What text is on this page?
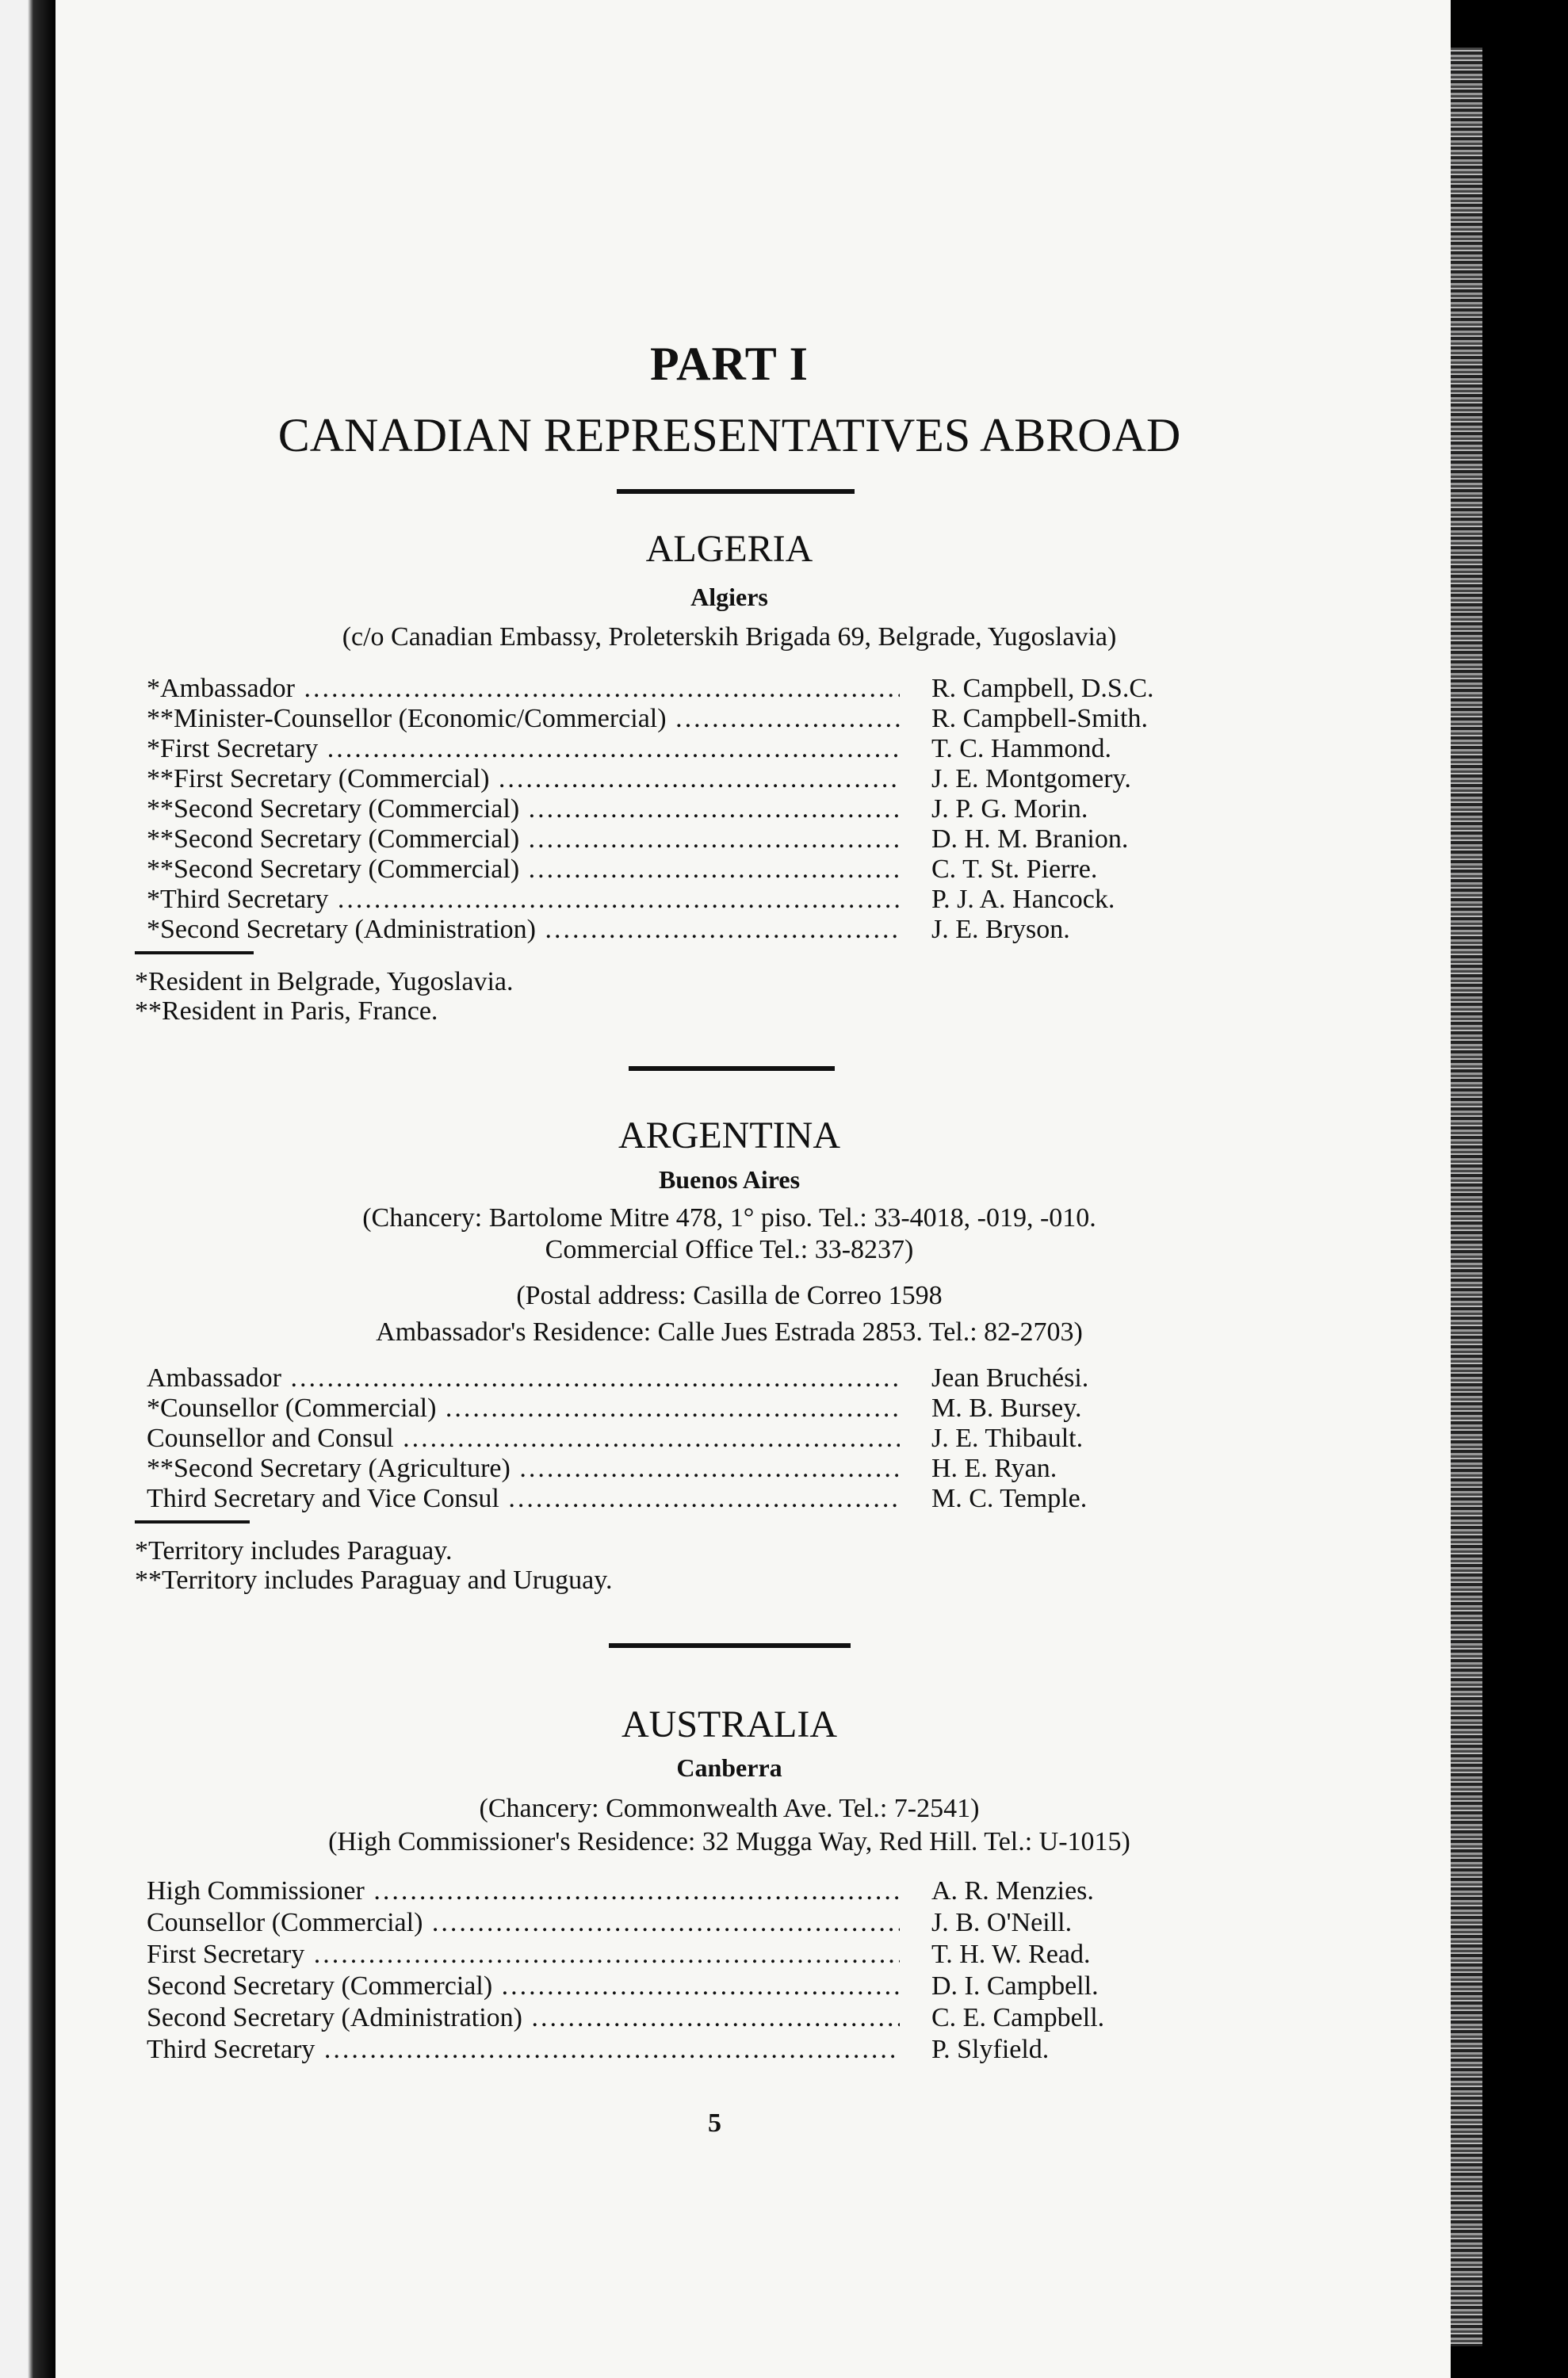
PART I
CANADIAN REPRESENTATIVES ABROAD
ALGERIA
Algiers
(c/o Canadian Embassy, Proleterskih Brigada 69, Belgrade, Yugoslavia)
*Ambassador .....	R. Campbell, D.S.C.
**Minister-Counsellor (Economic/Commercial) .....	R. Campbell-Smith.
*First Secretary .....	T. C. Hammond.
**First Secretary (Commercial) .....	J. E. Montgomery.
**Second Secretary (Commercial) .....	J. P. G. Morin.
**Second Secretary (Commercial) .....	D. H. M. Branion.
**Second Secretary (Commercial) .....	C. T. St. Pierre.
*Third Secretary .....	P. J. A. Hancock.
*Second Secretary (Administration) .....	J. E. Bryson.
*Resident in Belgrade, Yugoslavia.
**Resident in Paris, France.
ARGENTINA
Buenos Aires
(Chancery: Bartolome Mitre 478, 1° piso. Tel.: 33-4018, -019, -010.
Commercial Office Tel.: 33-8237)
(Postal address: Casilla de Correo 1598
Ambassador's Residence: Calle Jues Estrada 2853. Tel.: 82-2703)
Ambassador .....	Jean Bruchési.
*Counsellor (Commercial) .....	M. B. Bursey.
Counsellor and Consul .....	J. E. Thibault.
**Second Secretary (Agriculture) .....	H. E. Ryan.
Third Secretary and Vice Consul .....	M. C. Temple.
*Territory includes Paraguay.
**Territory includes Paraguay and Uruguay.
AUSTRALIA
Canberra
(Chancery: Commonwealth Ave. Tel.: 7-2541)
(High Commissioner's Residence: 32 Mugga Way, Red Hill. Tel.: U-1015)
High Commissioner .....	A. R. Menzies.
Counsellor (Commercial) .....	J. B. O'Neill.
First Secretary .....	T. H. W. Read.
Second Secretary (Commercial) .....	D. I. Campbell.
Second Secretary (Administration) .....	C. E. Campbell.
Third Secretary .....	P. Slyfield.
5
